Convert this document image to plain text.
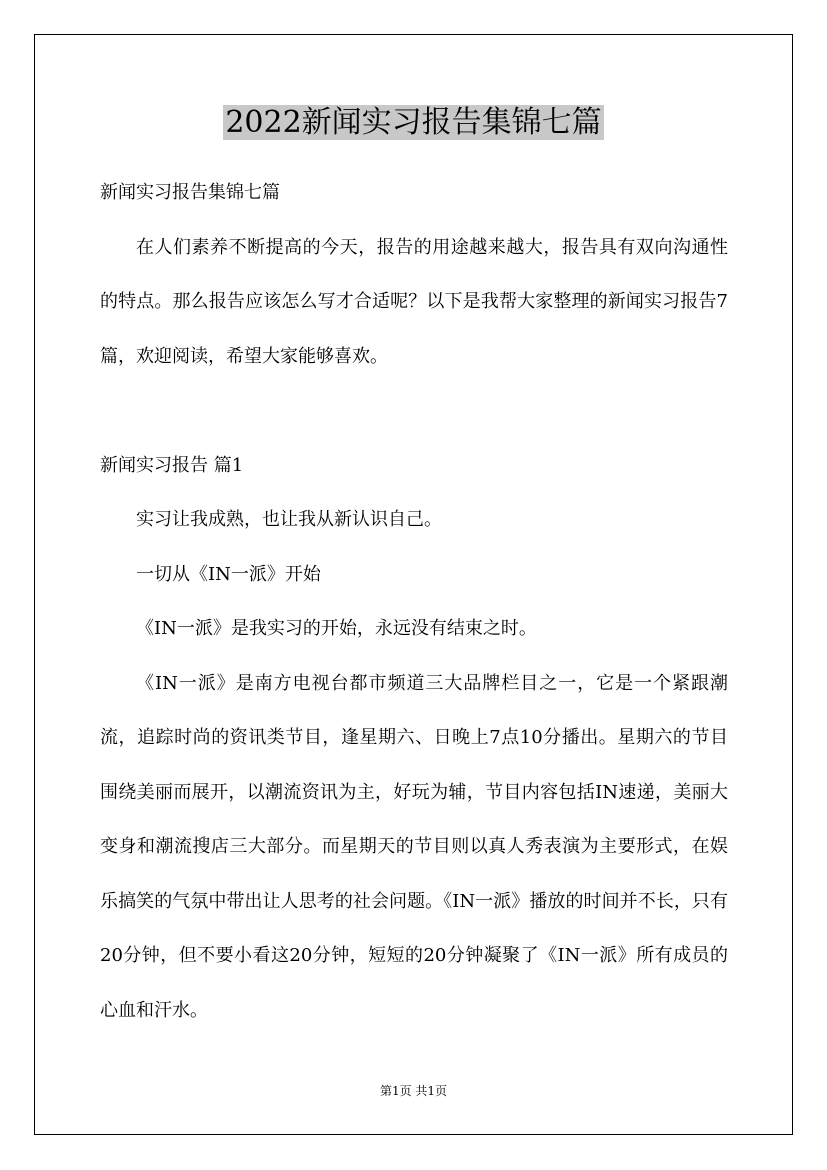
2022新闻实习报告集锦七篇

新闻实习报告集锦七篇

在人们素养不断提高的今天，报告的用途越来越大，报告具有双向沟通性的特点。那么报告应该怎么写才合适呢？以下是我帮大家整理的新闻实习报告7篇，欢迎阅读，希望大家能够喜欢。

新闻实习报告 篇1

实习让我成熟，也让我从新认识自己。

一切从《IN一派》开始

《IN一派》是我实习的开始，永远没有结束之时。

《IN一派》是南方电视台都市频道三大品牌栏目之一，它是一个紧跟潮流，追踪时尚的资讯类节目，逢星期六、日晚上7点10分播出。星期六的节目围绕美丽而展开，以潮流资讯为主，好玩为辅，节目内容包括IN速递，美丽大变身和潮流搜店三大部分。而星期天的节目则以真人秀表演为主要形式，在娱乐搞笑的气氛中带出让人思考的社会问题。《IN一派》播放的时间并不长，只有20分钟，但不要小看这20分钟，短短的20分钟凝聚了《IN一派》所有成员的心血和汗水。

第1页 共1页
